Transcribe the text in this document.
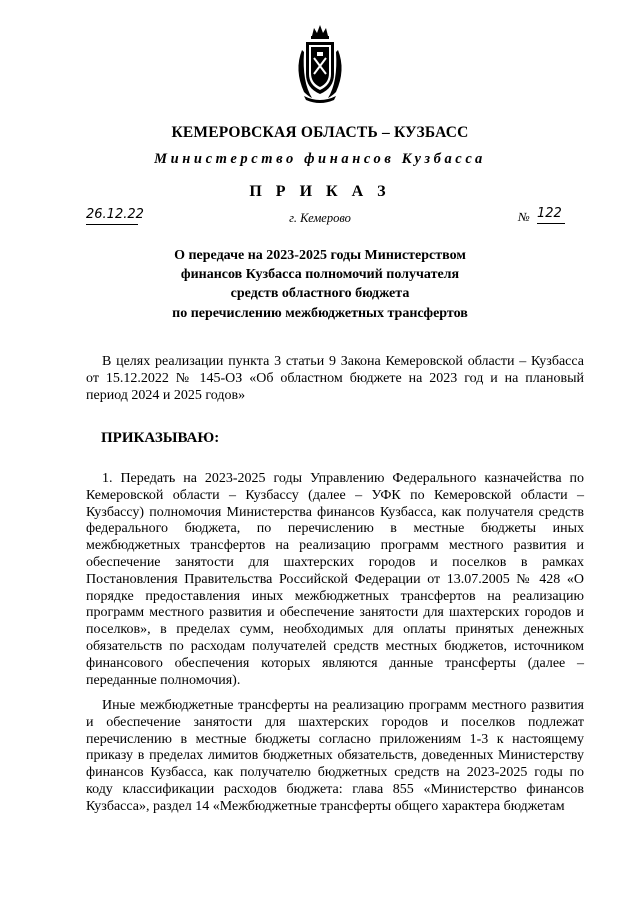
КЕМЕРОВСКАЯ ОБЛАСТЬ – КУЗБАСС
Министерство финансов Кузбасса
П Р И К А З
26.12.22	г. Кемерово	№ 122
О передаче на 2023-2025 годы Министерством
финансов Кузбасса полномочий получателя
средств областного бюджета
по перечислению межбюджетных трансфертов
В целях реализации пункта 3 статьи 9 Закона Кемеровской области – Кузбасса от 15.12.2022 № 145-ОЗ «Об областном бюджете на 2023 год и на плановый период 2024 и 2025 годов»
ПРИКАЗЫВАЮ:
1. Передать на 2023-2025 годы Управлению Федерального казначейства по Кемеровской области – Кузбассу (далее – УФК по Кемеровской области – Кузбассу) полномочия Министерства финансов Кузбасса, как получателя средств федерального бюджета, по перечислению в местные бюджеты иных межбюджетных трансфертов на реализацию программ местного развития и обеспечение занятости для шахтерских городов и поселков в рамках Постановления Правительства Российской Федерации от 13.07.2005 № 428 «О порядке предоставления иных межбюджетных трансфертов на реализацию программ местного развития и обеспечение занятости для шахтерских городов и поселков», в пределах сумм, необходимых для оплаты принятых денежных обязательств по расходам получателей средств местных бюджетов, источником финансового обеспечения которых являются данные трансферты (далее – переданные полномочия).
Иные межбюджетные трансферты на реализацию программ местного развития и обеспечение занятости для шахтерских городов и поселков подлежат перечислению в местные бюджеты согласно приложениям 1-3 к настоящему приказу в пределах лимитов бюджетных обязательств, доведенных Министерству финансов Кузбасса, как получателю бюджетных средств на 2023-2025 годы по коду классификации расходов бюджета: глава 855 «Министерство финансов Кузбасса», раздел 14 «Межбюджетные трансферты общего характера бюджетам
